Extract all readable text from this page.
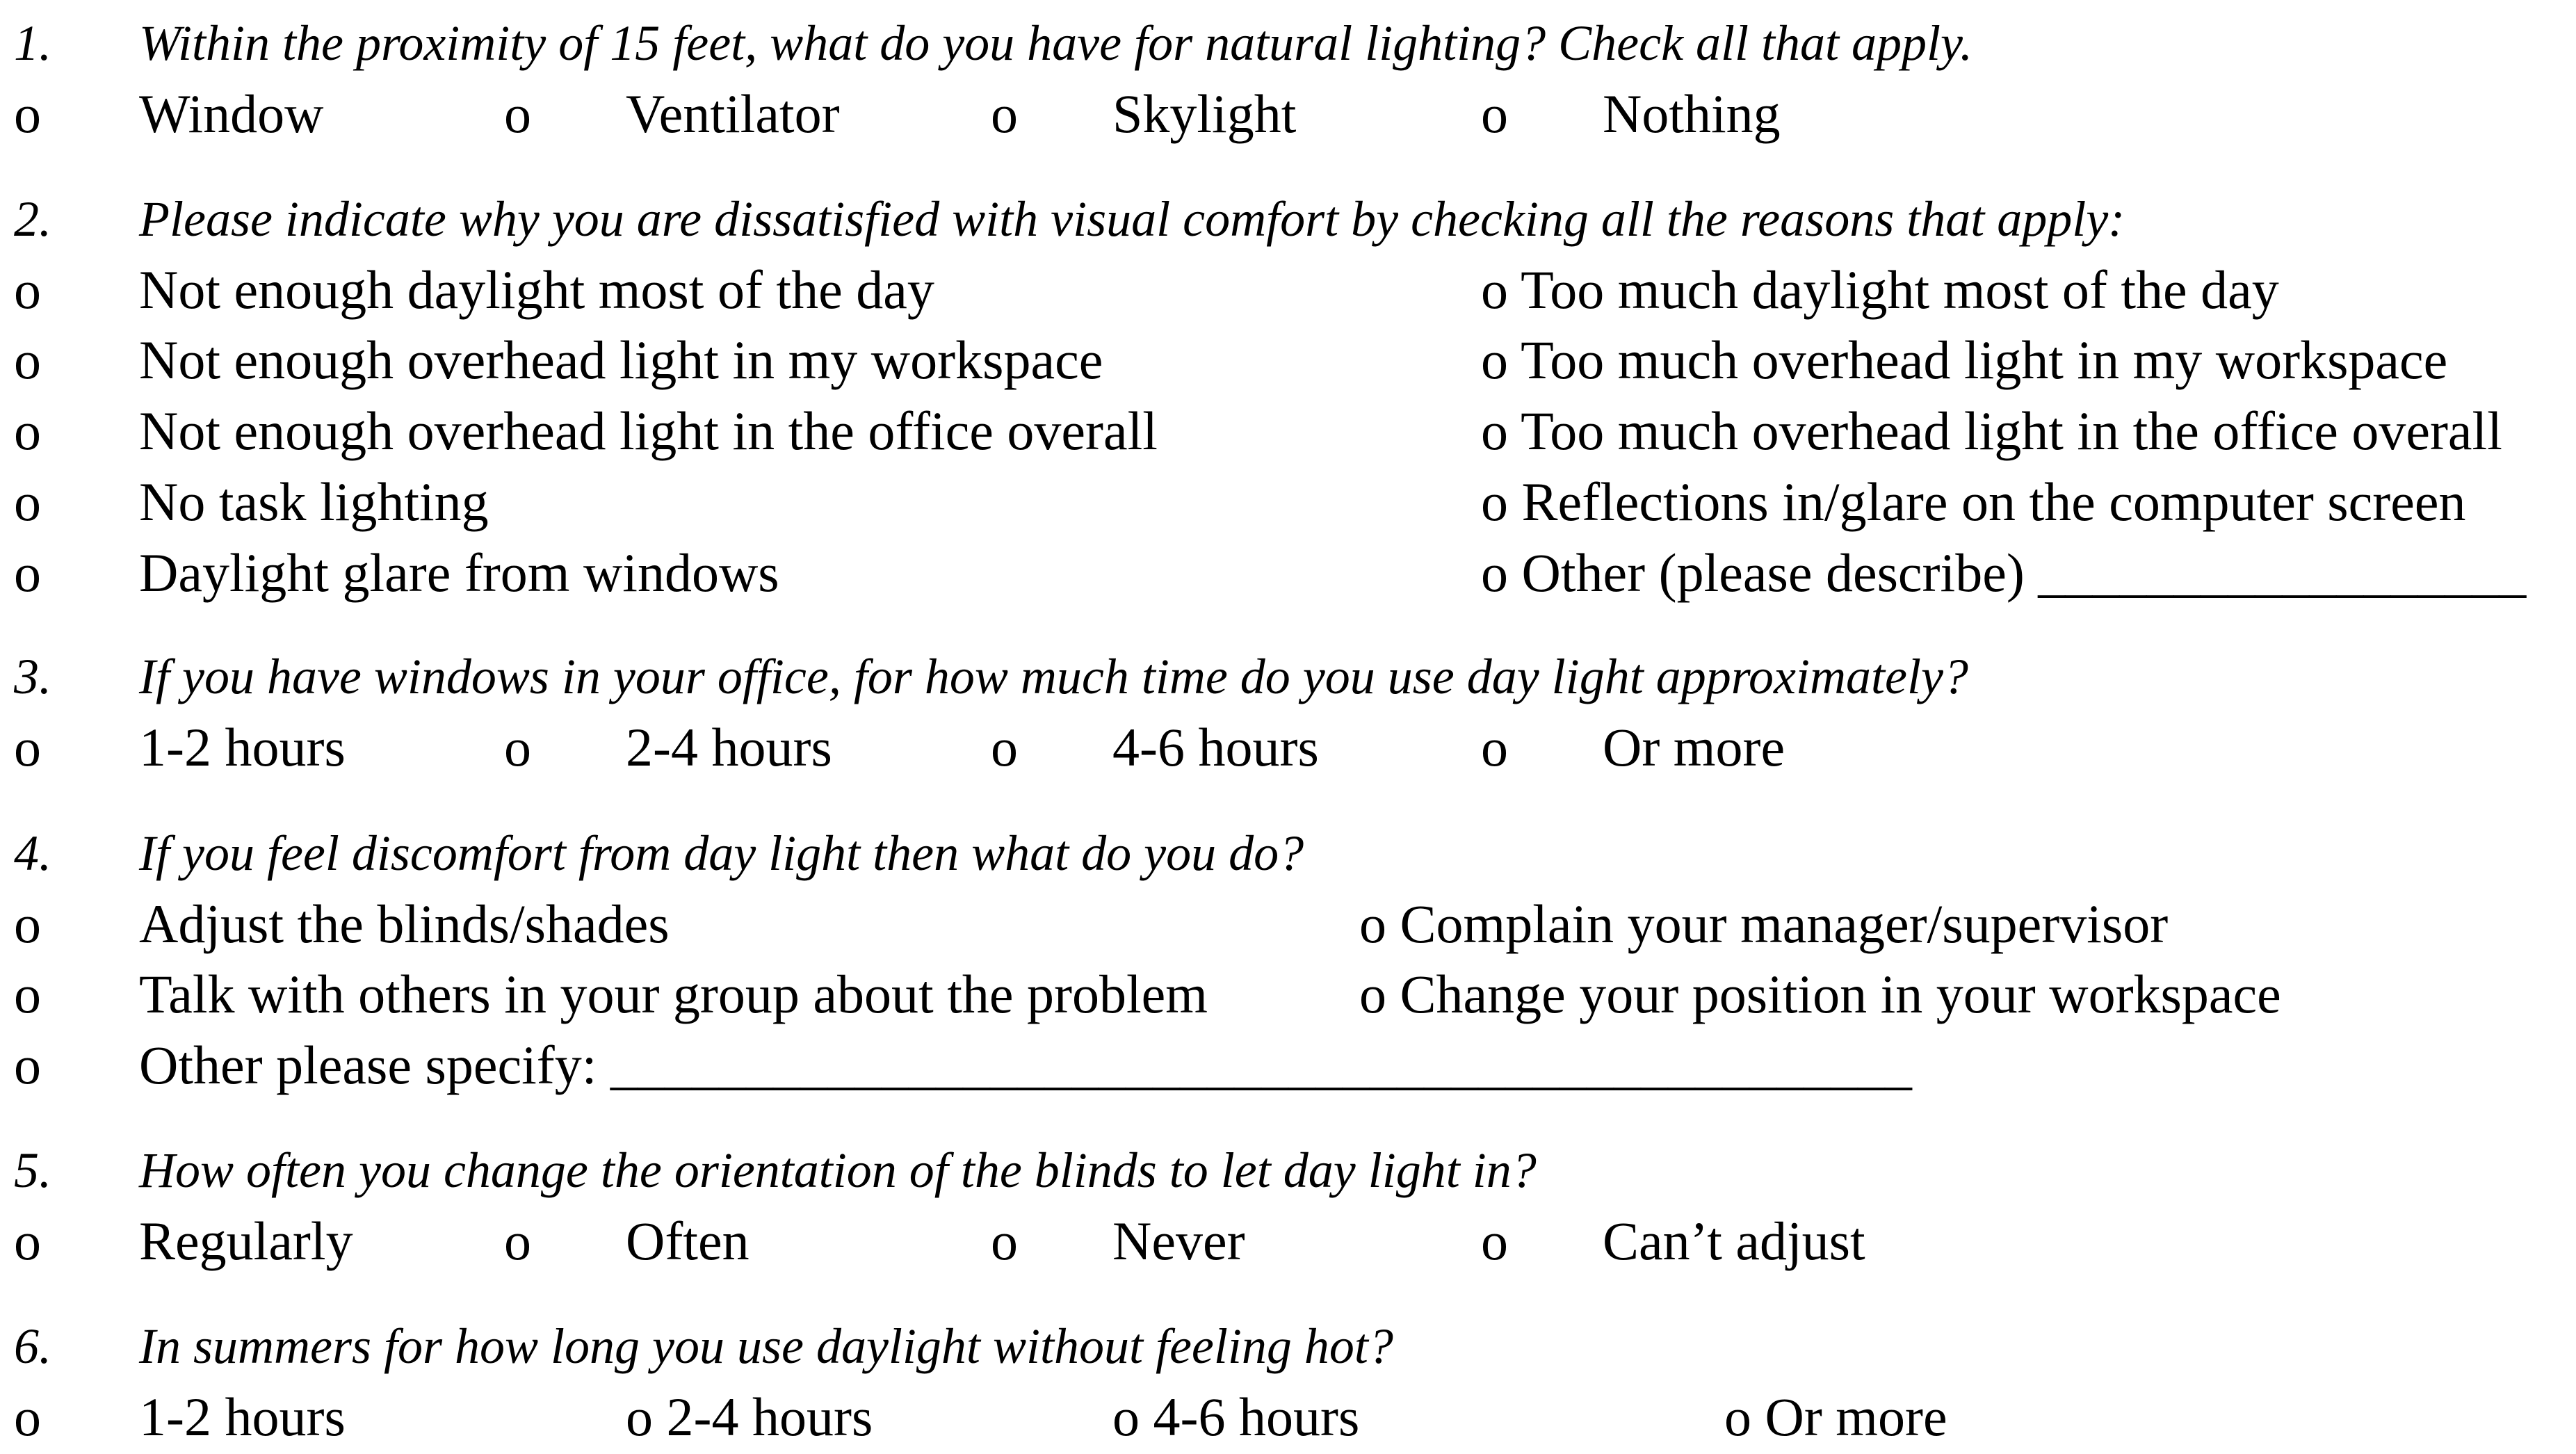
1. Within the proximity of 15 feet, what do you have for natural lighting? Check all that apply.
o Window	o Ventilator	o Skylight	o Nothing
2. Please indicate why you are dissatisfied with visual comfort by checking all the reasons that apply:
o Not enough daylight most of the day	o Too much daylight most of the day
o Not enough overhead light in my workspace	o Too much overhead light in my workspace
o Not enough overhead light in the office overall	o Too much overhead light in the office overall
o No task lighting	o Reflections in/glare on the computer screen
o Daylight glare from windows	o Other (please describe) __________________
3. If you have windows in your office, for how much time do you use day light approximately?
o 1-2 hours	o 2-4 hours	o 4-6 hours	o Or more
4. If you feel discomfort from day light then what do you do?
o Adjust the blinds/shades	o Complain your manager/supervisor
o Talk with others in your group about the problem	o Change your position in your workspace
o Other please specify: ________________________________________________
5. How often you change the orientation of the blinds to let day light in?
o Regularly	o Often	o Never	o Can’t adjust
6. In summers for how long you use daylight without feeling hot?
o 1-2 hours	o 2-4 hours	o 4-6 hours	o Or more
